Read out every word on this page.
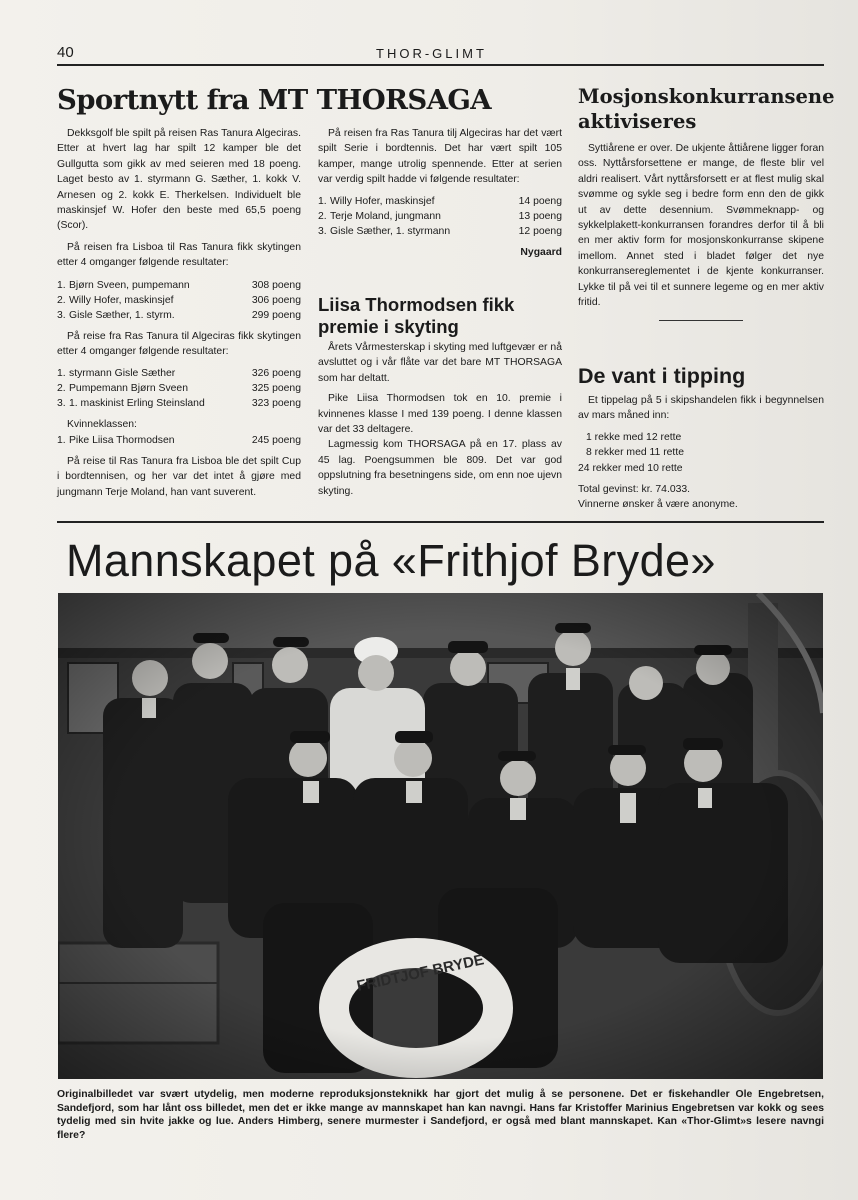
40	THOR-GLIMT
Sportnytt fra MT THORSAGA

Dekksgolf ble spilt på reisen Ras Tanura Algeciras. Etter at hvert lag har spilt 12 kamper ble det Gullgutta som gikk av med seieren med 18 poeng. Laget besto av 1. styrmann G. Sæther, 1. kokk V. Arnesen og 2. kokk E. Therkelsen. Individuelt ble maskinsjef W. Hofer den beste med 65,5 poeng (Scor).

På reisen fra Lisboa til Ras Tanura fikk skytingen etter 4 omganger følgende resultater:

1.	Bjørn Sveen, pumpemann	308 poeng
2.	Willy Hofer, maskinsjef	306 poeng
3.	Gisle Sæther, 1. styrm.	299 poeng

På reise fra Ras Tanura til Algeciras fikk skytingen etter 4 omganger følgende resultater:

1.	styrmann Gisle Sæther	326 poeng
2.	Pumpemann Bjørn Sveen	325 poeng
3.	1. maskinist Erling Steinsland	323 poeng

Kvinneklassen:

1.	Pike Liisa Thormodsen	245 poeng

På reise til Ras Tanura fra Lisboa ble det spilt Cup i bordtennisen, og her var det intet å gjøre med jungmann Terje Moland, han vant suverent.

På reisen fra Ras Tanura tilj Algeciras har det vært spilt Serie i bordtennis. Det har vært spilt 105 kamper, mange utrolig spennende. Etter at serien var verdig spilt hadde vi følgende resultater:

1.	Willy Hofer, maskinsjef	14 poeng
2.	Terje Moland, jungmann	13 poeng
3.	Gisle Sæther, 1. styrmann	12 poeng
Nygaard
Liisa Thormodsen fikk premie i skyting

Årets Vårmesterskap i skyting med luftgevær er nå avsluttet og i vår flåte var det bare MT THORSAGA som har deltatt.

Pike Liisa Thormodsen tok en 10. premie i kvinnenes klasse I med 139 poeng. I denne klassen var det 33 deltagere.

Lagmessig kom THORSAGA på en 17. plass av 45 lag. Poengsummen ble 809. Det var god oppslutning fra besetningens side, om enn noe ujevn skyting.

Mosjonskonkurransene aktiviseres

Syttiårene er over. De ukjente åttiårene ligger foran oss. Nyttårsforsettene er mange, de fleste blir vel aldri realisert. Vårt nyttårsforsett er at flest mulig skal svømme og sykle seg i bedre form enn den de gikk ut av dette desennium. Svømmeknapp- og sykkelplakett-konkurransen forandres derfor til å bli en mer aktiv form for mosjonskonkurranse skipene imellom. Annet sted i bladet følger det nye konkurransereglementet i de kjente konkurranser. Lykke til på vei til et sunnere legeme og en mer aktiv fritid.

De vant i tipping

Et tippelag på 5 i skipshandelen fikk i begynnelsen av mars måned inn:

1 rekke med 12 rette
8 rekker med 11 rette
24 rekker med 10 rette
Total gevinst: kr. 74.033.
Vinnerne ønsker å være anonyme.
Mannskapet på «Frithjof Bryde»
Originalbilledet var svært utydelig, men moderne reproduksjonsteknikk har gjort det mulig å se personene. Det er fiskehandler Ole Engebretsen, Sandefjord, som har lånt oss billedet, men det er ikke mange av mannskapet han kan navngi. Hans far Kristoffer Marinius Engebretsen var kokk og sees tydelig med sin hvite jakke og lue. Anders Himberg, senere murmester i Sandefjord, er også med blant mannskapet. Kan «Thor-Glimt»s lesere navngi flere?
